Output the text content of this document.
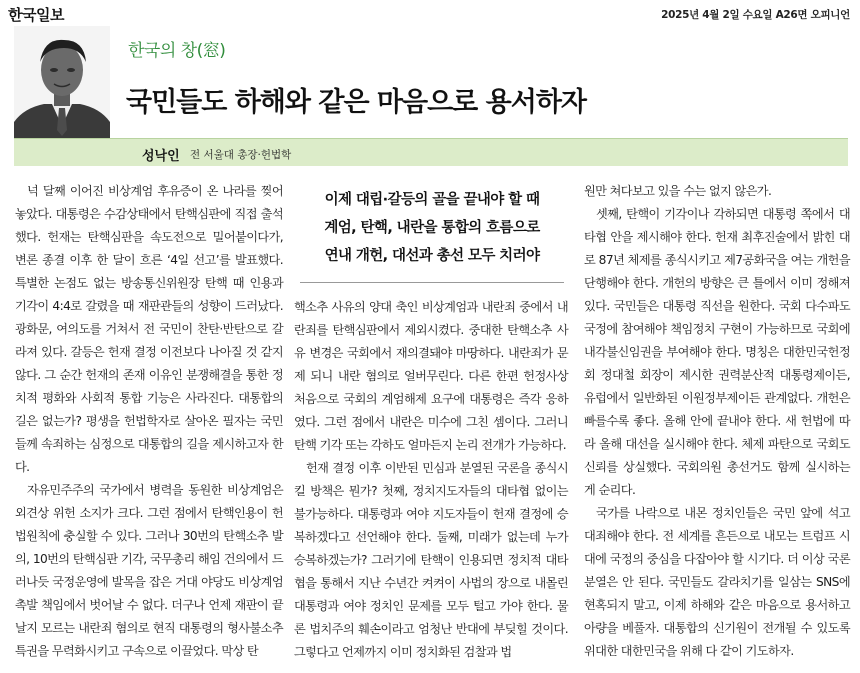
한국일보	2025년 4월 2일 수요일 A26면 오피니언
한국의 창(窓)
국민들도 하해와 같은 마음으로 용서하자
성낙인 전 서울대 총장·헌법학

넉 달째 이어진 비상계엄 후유증이 온 나라를 찢어놓았다. 대통령은 수감상태에서 탄핵심판에 직접 출석했다. 헌재는 탄핵심판을 속도전으로 밀어붙이다가, 변론 종결 이후 한 달이 흐른 ‘4일 선고’를 발표했다. 특별한 논점도 없는 방송통신위원장 탄핵 때 인용과 기각이 4:4로 갈렸을 때 재판관들의 성향이 드러났다. 광화문, 여의도를 거쳐서 전 국민이 찬탄·반탄으로 갈라져 있다. 갈등은 헌재 결정 이전보다 나아질 것 같지 않다. 그 순간 헌재의 존재 이유인 분쟁해결을 통한 정치적 평화와 사회적 통합 기능은 사라진다. 대통합의 길은 없는가? 평생을 헌법학자로 살아온 필자는 국민들께 속죄하는 심정으로 대통합의 길을 제시하고자 한다.

자유민주주의 국가에서 병력을 동원한 비상계엄은 외견상 위헌 소지가 크다. 그런 점에서 탄핵인용이 헌법원칙에 충실할 수 있다. 그러나 30번의 탄핵소추 발의, 10번의 탄핵심판 기각, 국무총리 해임 건의에서 드러나듯 국정운영에 발목을 잡은 거대 야당도 비상계엄 촉발 책임에서 벗어날 수 없다. 더구나 언제 재판이 끝날지 모르는 내란죄 혐의로 현직 대통령의 형사불소추 특권을 무력화시키고 구속으로 이끌었다. 막상 탄

이제 대립·갈등의 골을 끝내야 할 때
계엄, 탄핵, 내란을 통합의 흐름으로
연내 개헌, 대선과 총선 모두 치러야

핵소추 사유의 양대 축인 비상계엄과 내란죄 중에서 내란죄를 탄핵심판에서 제외시켰다. 중대한 탄핵소추 사유 변경은 국회에서 재의결돼야 마땅하다. 내란죄가 문제 되니 내란 혐의로 얼버무린다. 다른 한편 헌정사상 처음으로 국회의 계엄해제 요구에 대통령은 즉각 응하였다. 그런 점에서 내란은 미수에 그친 셈이다. 그러니 탄핵 기각 또는 각하도 얼마든지 논리 전개가 가능하다.

헌재 결정 이후 이반된 민심과 분열된 국론을 종식시킬 방책은 뭔가? 첫째, 정치지도자들의 대타협 없이는 불가능하다. 대통령과 여야 지도자들이 헌재 결정에 승복하겠다고 선언해야 한다. 둘째, 미래가 없는데 누가 승복하겠는가? 그러기에 탄핵이 인용되면 정치적 대타협을 통해서 지난 수년간 켜켜이 사법의 장으로 내몰린 대통령과 여야 정치인 문제를 모두 털고 가야 한다. 물론 법치주의 훼손이라고 엄청난 반대에 부딪힐 것이다. 그렇다고 언제까지 이미 정치화된 검찰과 법

원만 쳐다보고 있을 수는 없지 않은가.

셋째, 탄핵이 기각이나 각하되면 대통령 쪽에서 대타협 안을 제시해야 한다. 헌재 최후진술에서 밝힌 대로 87년 체제를 종식시키고 제7공화국을 여는 개헌을 단행해야 한다. 개헌의 방향은 큰 틀에서 이미 정해져 있다. 국민들은 대통령 직선을 원한다. 국회 다수파도 국정에 참여해야 책임정치 구현이 가능하므로 국회에 내각불신임권을 부여해야 한다. 명칭은 대한민국헌정회 정대철 회장이 제시한 권력분산적 대통령제이든, 유럽에서 일반화된 이원정부제이든 관계없다. 개헌은 빠를수록 좋다. 올해 안에 끝내야 한다. 새 헌법에 따라 올해 대선을 실시해야 한다. 체제 파탄으로 국회도 신뢰를 상실했다. 국회의원 총선거도 함께 실시하는 게 순리다.

국가를 나락으로 내몬 정치인들은 국민 앞에 석고대죄해야 한다. 전 세계를 흔든으로 내모는 트럼프 시대에 국정의 중심을 다잡아야 할 시기다. 더 이상 국론분열은 안 된다. 국민들도 갈라치기를 일삼는 SNS에 현혹되지 말고, 이제 하해와 같은 마음으로 용서하고 아량을 베풀자. 대통합의 신기원이 전개될 수 있도록 위대한 대한민국을 위해 다 같이 기도하자.
